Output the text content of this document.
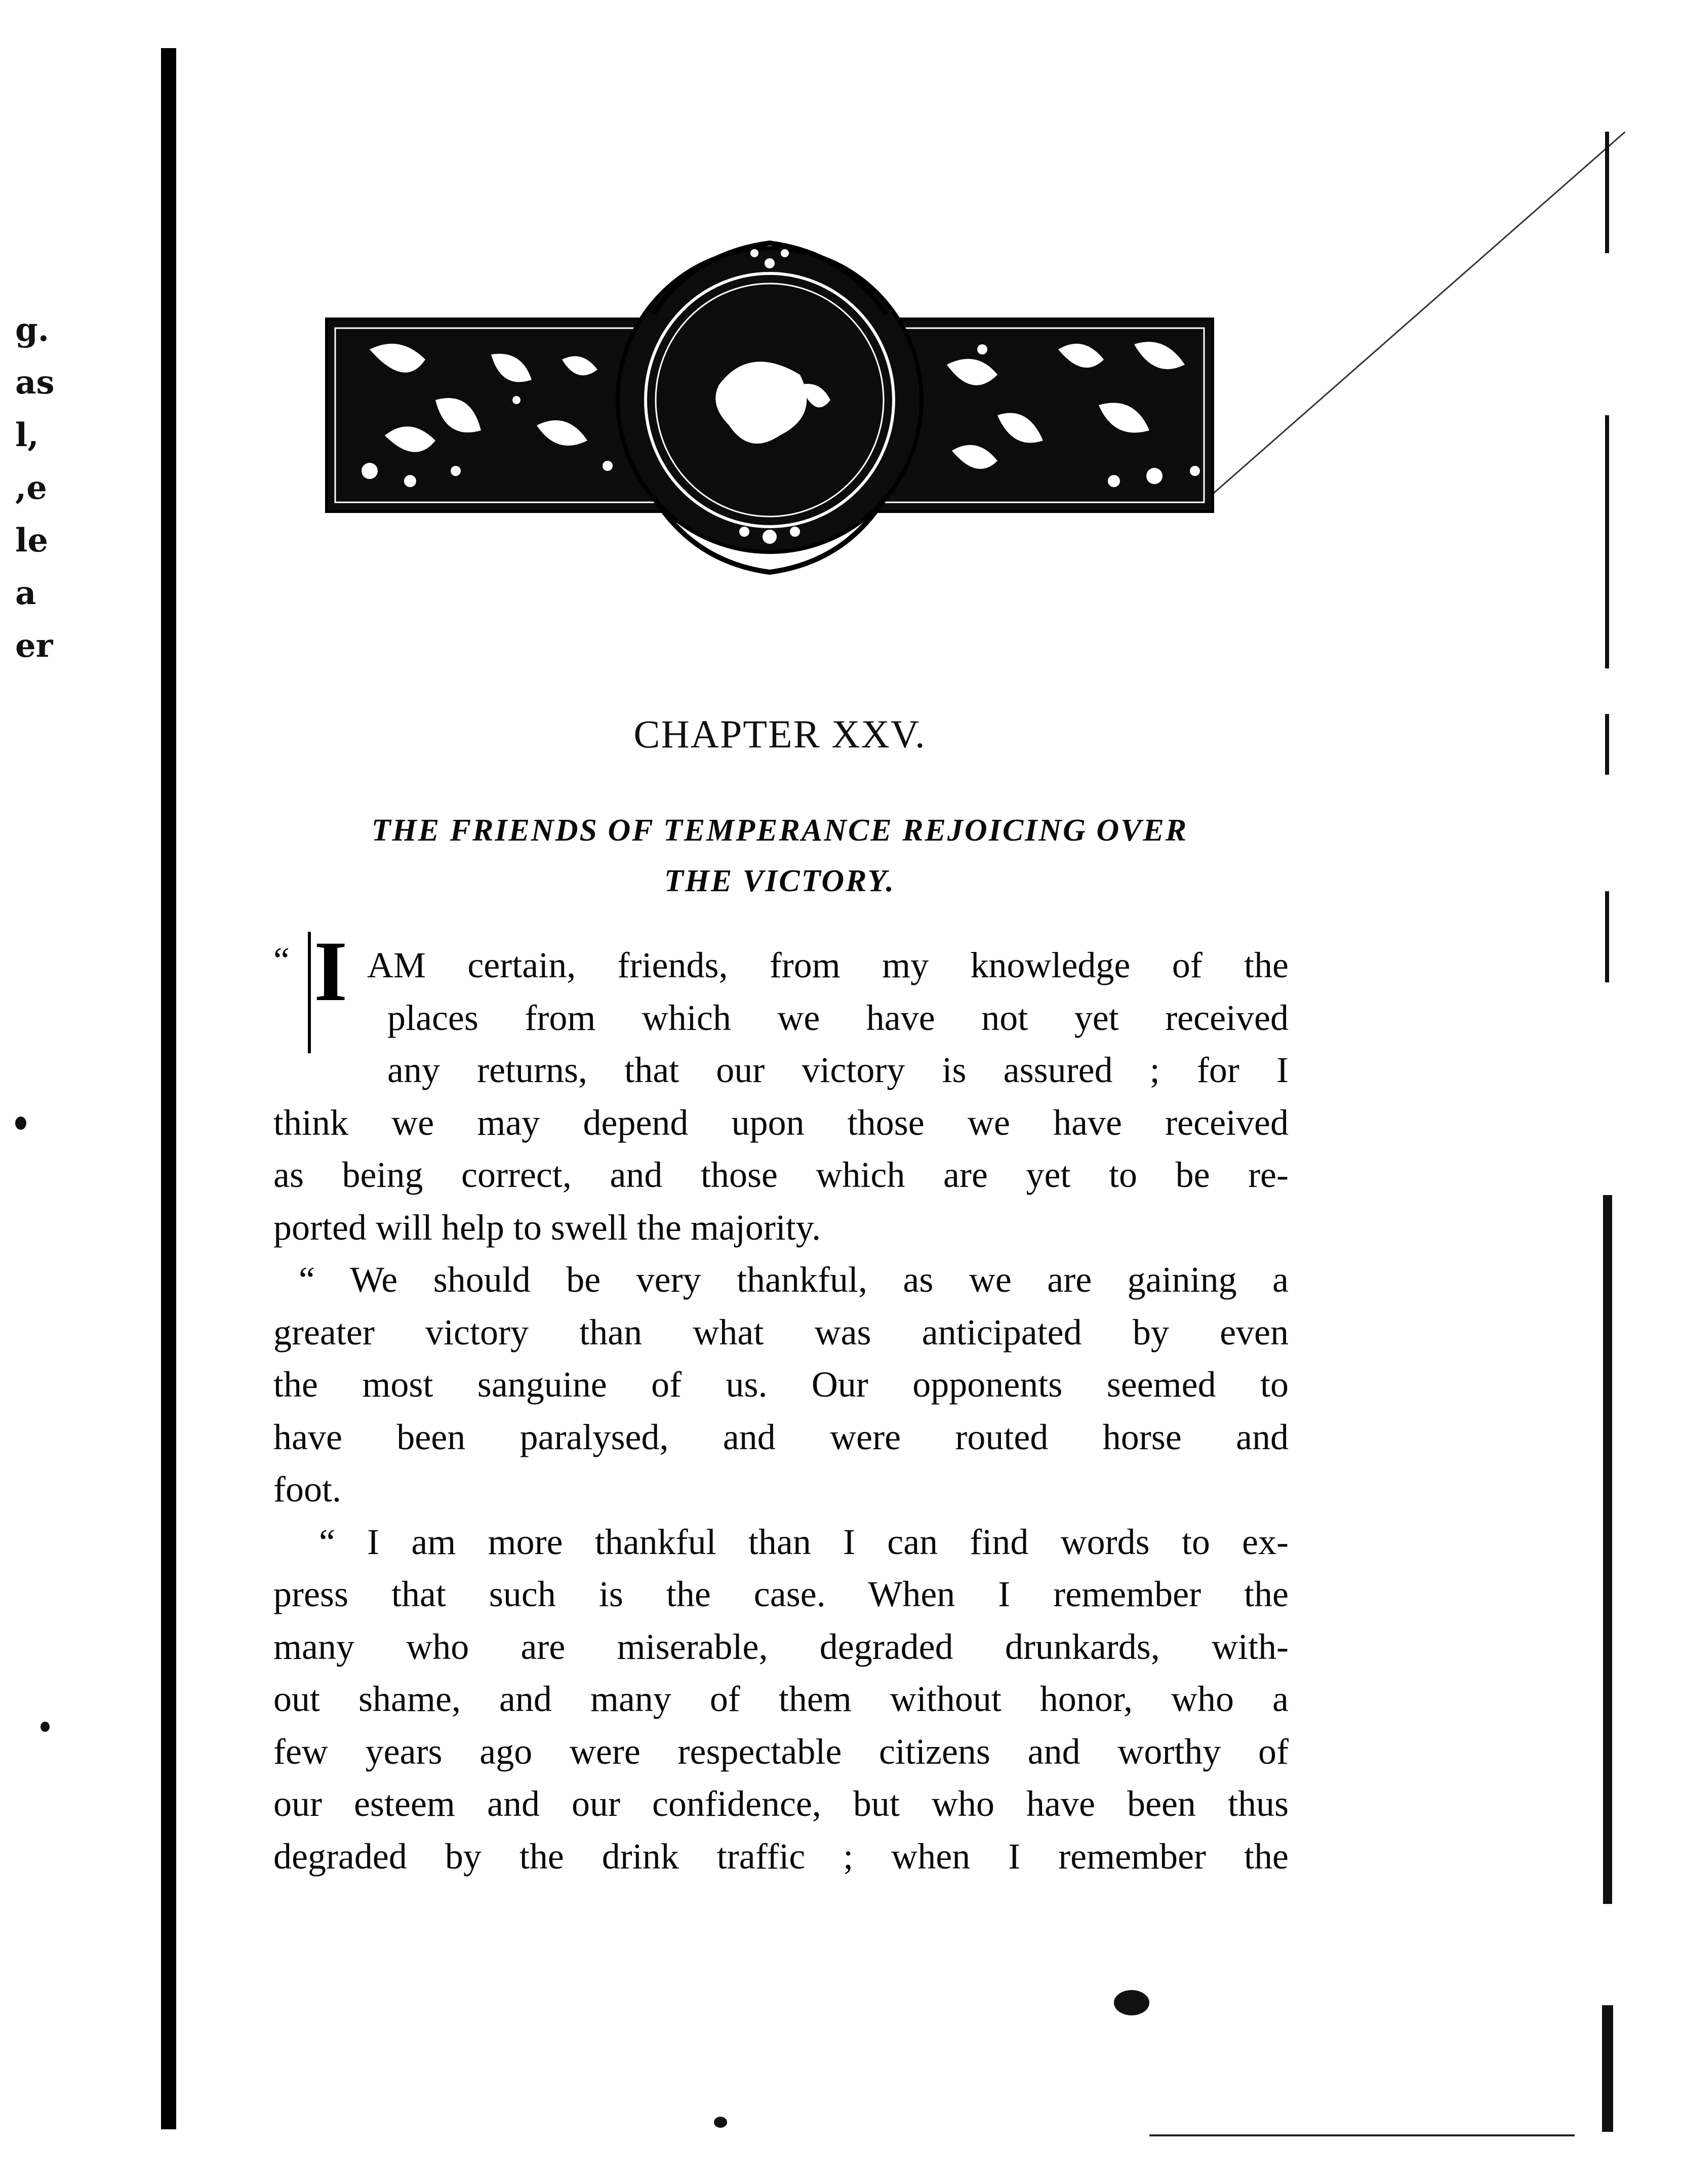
g.
as
l,
,e
le
a
er
CHAPTER XXV.
THE FRIENDS OF TEMPERANCE REJOICING OVER
THE VICTORY.
“ I AM certain, friends, from my knowledge of the
places from which we have not yet received
any returns, that our victory is assured ; for I
think we may depend upon those we have received
as being correct, and those which are yet to be re-
ported will help to swell the majority.
“ We should be very thankful, as we are gaining a
greater victory than what was anticipated by even
the most sanguine of us. Our opponents seemed to
have been paralysed, and were routed horse and
foot.
“ I am more thankful than I can find words to ex-
press that such is the case. When I remember the
many who are miserable, degraded drunkards, with-
out shame, and many of them without honor, who a
few years ago were respectable citizens and worthy of
our esteem and our confidence, but who have been thus
degraded by the drink traffic ; when I remember the
